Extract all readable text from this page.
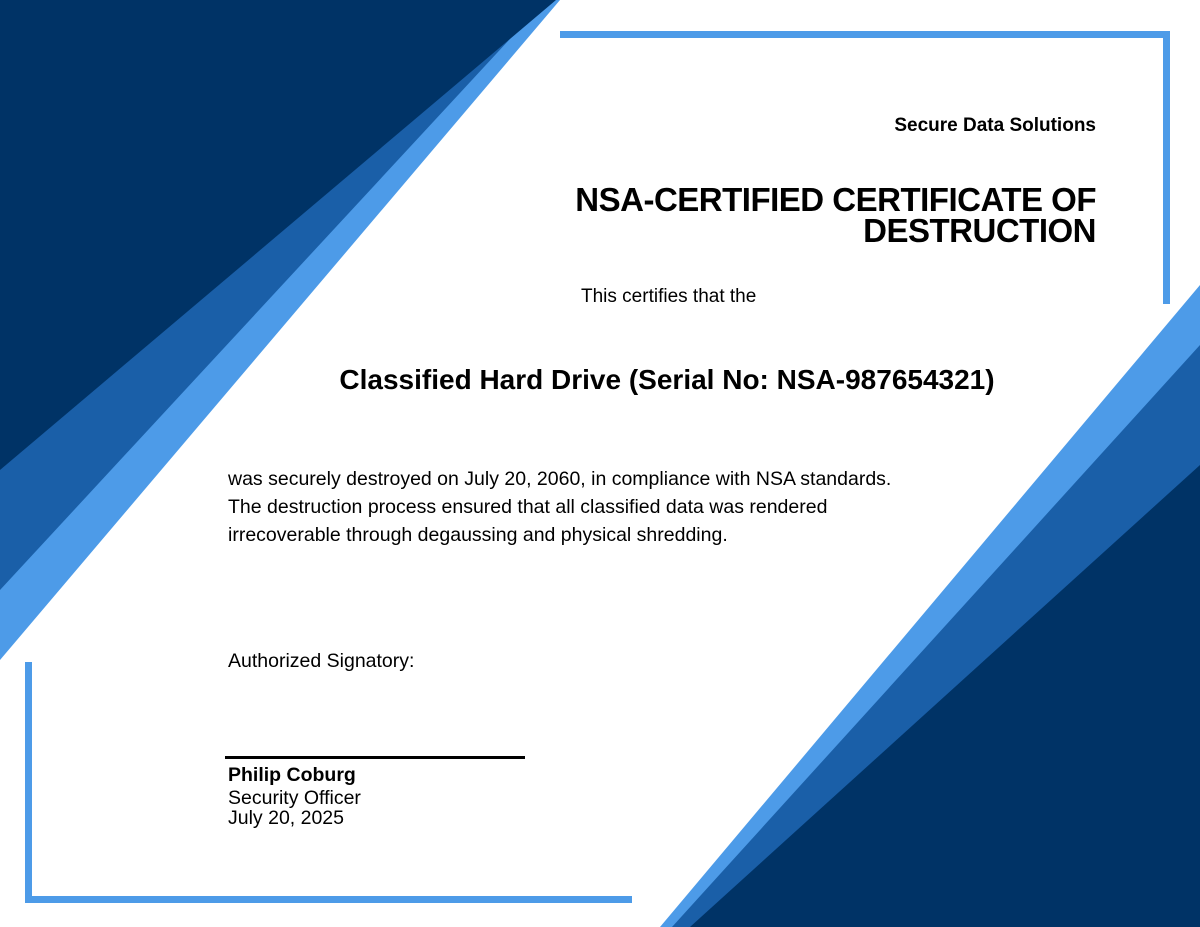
Secure Data Solutions

NSA-CERTIFIED CERTIFICATE OF DESTRUCTION

This certifies that the

Classified Hard Drive (Serial No: NSA-987654321)

was securely destroyed on July 20, 2060, in compliance with NSA standards. The destruction process ensured that all classified data was rendered irrecoverable through degaussing and physical shredding.

Authorized Signatory:

Philip Coburg

Security Officer

July 20, 2025
